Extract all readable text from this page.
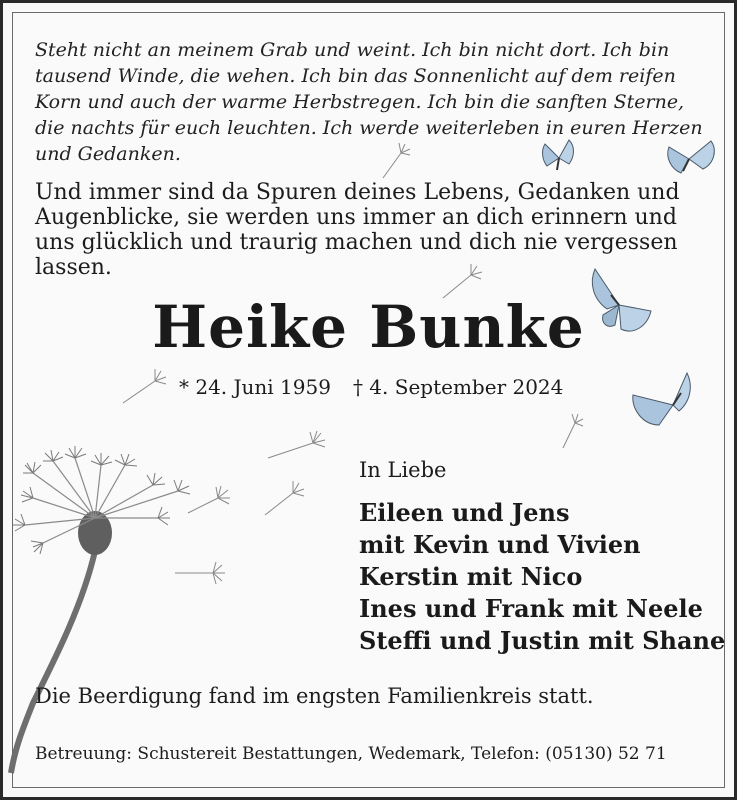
Steht nicht an meinem Grab und weint. Ich bin nicht dort. Ich bin
tausend Winde, die wehen. Ich bin das Sonnenlicht auf dem reifen
Korn und auch der warme Herbstregen. Ich bin die sanften Sterne,
die nachts für euch leuchten. Ich werde weiterleben in euren Herzen
und Gedanken.

Und immer sind da Spuren deines Lebens, Gedanken und
Augenblicke, sie werden uns immer an dich erinnern und
uns glücklich und traurig machen und dich nie vergessen
lassen.

Heike Bunke
* 24. Juni 1959 † 4. September 2024
In Liebe
Eileen und Jens
mit Kevin und Vivien
Kerstin mit Nico
Ines und Frank mit Neele
Steffi und Justin mit Shane
Die Beerdigung fand im engsten Familienkreis statt.
Betreuung: Schustereit Bestattungen, Wedemark, Telefon: (05130) 52 71
